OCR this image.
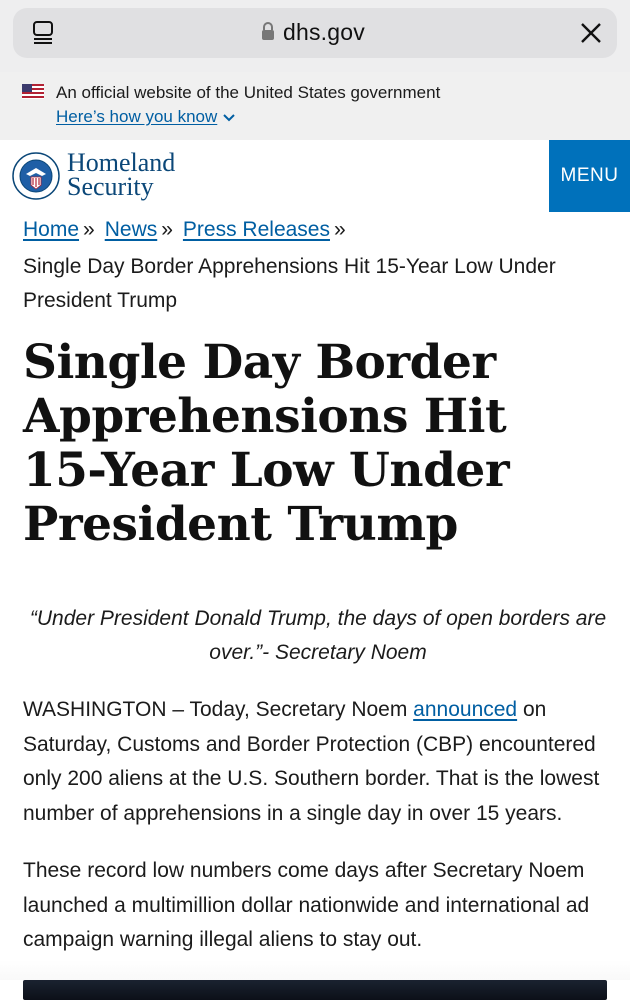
dhs.gov
An official website of the United States government
Here’s how you know
Homeland
Security	MENU
Home » News » Press Releases »
Single Day Border Apprehensions Hit 15-Year Low Under President Trump
Single Day Border Apprehensions Hit 15-Year Low Under President Trump
“Under President Donald Trump, the days of open borders are over.”- Secretary Noem

WASHINGTON – Today, Secretary Noem announced on Saturday, Customs and Border Protection (CBP) encountered only 200 aliens at the U.S. Southern border. That is the lowest number of apprehensions in a single day in over 15 years.

These record low numbers come days after Secretary Noem launched a multimillion dollar nationwide and international ad campaign warning illegal aliens to stay out.
